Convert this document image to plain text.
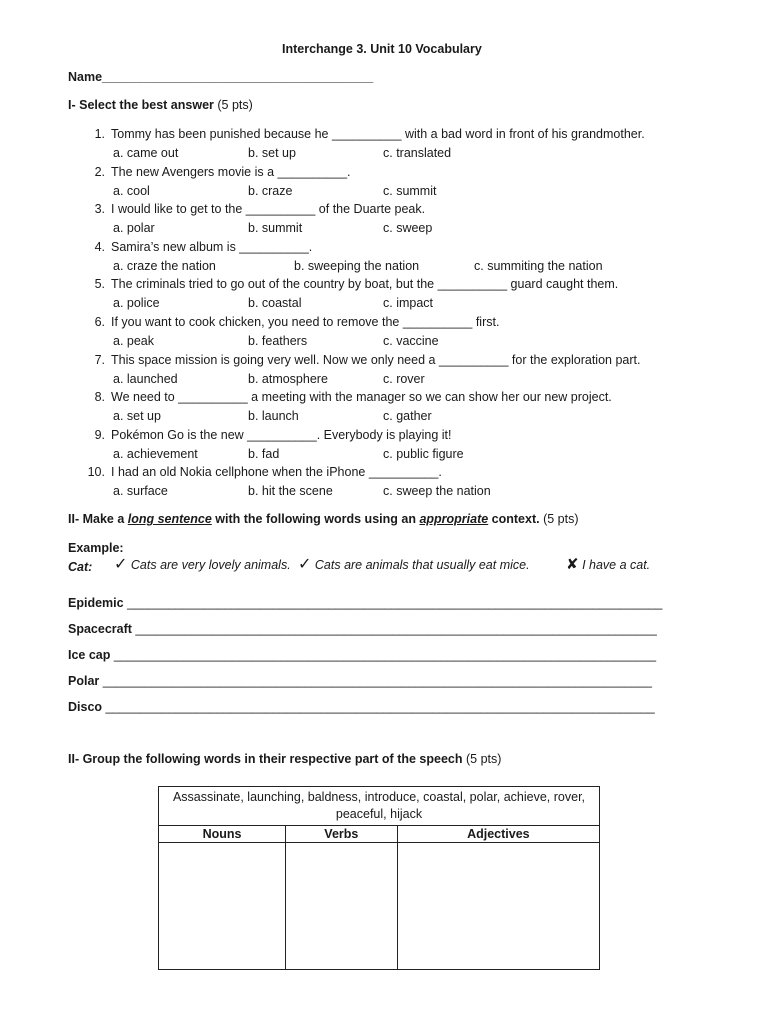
Interchange 3. Unit 10 Vocabulary
Name_______________________________________
I- Select the best answer (5 pts)
1. Tommy has been punished because he __________ with a bad word in front of his grandmother.
a. came out	b. set up	c. translated
2. The new Avengers movie is a __________.
a. cool	b. craze	c. summit
3. I would like to get to the __________ of the Duarte peak.
a. polar	b. summit	c. sweep
4. Samira’s new album is __________.
a. craze the nation	b. sweeping the nation	c. summiting the nation
5. The criminals tried to go out of the country by boat, but the __________ guard caught them.
a. police	b. coastal	c. impact
6. If you want to cook chicken, you need to remove the __________ first.
a. peak	b. feathers	c. vaccine
7. This space mission is going very well. Now we only need a __________ for the exploration part.
a. launched	b. atmosphere	c. rover
8. We need to __________ a meeting with the manager so we can show her our new project.
a. set up	b. launch	c. gather
9. Pokémon Go is the new __________. Everybody is playing it!
a. achievement	b. fad	c. public figure
10. I had an old Nokia cellphone when the iPhone __________.
a. surface	b. hit the scene	c. sweep the nation
II- Make a long sentence with the following words using an appropriate context. (5 pts)
Example:
Cat: ✓ Cats are very lovely animals. ✓ Cats are animals that usually eat mice. ✘ I have a cat.
Epidemic _____________________________________________________________________________
Spacecraft ___________________________________________________________________________
Ice cap ______________________________________________________________________________
Polar _______________________________________________________________________________
Disco _______________________________________________________________________________
II- Group the following words in their respective part of the speech (5 pts)
Assassinate, launching, baldness, introduce, coastal, polar, achieve, rover, peaceful, hijack		
Nouns	Verbs	Adjectives
